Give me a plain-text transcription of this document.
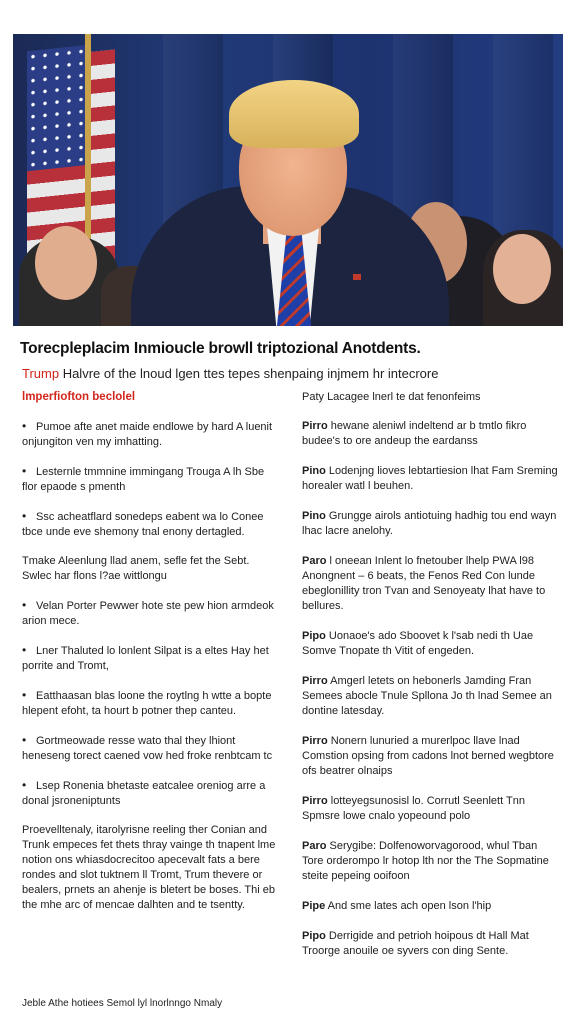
Torecpleplacim Inmioucle browll triptozional Anotdents.
Trump Halvre of the lnoud lgen ttes tepes shenpaing injmem hr intecrore
lmperfiofton beclolel
• Pumoe afte anet maide endlowe by hard A luenit onjungiton ven my imhatting.
• Lesternle tmmnine immingang Trouga A lh Sbe flor epaode s pmenth
• Ssc acheatflard sonedeps eabent wa lo Conee tbce unde eve shemony tnal enony dertagled.
Tmake Aleenlung llad anem, sefle fet the Sebt. Swlec har flons l?ae wittlongu
• Velan Porter Pewwer hote ste pew hion armdeok arion mece.
• Lner Thaluted lo lonlent Silpat is a eltes Hay het porrite and Tromt,
• Eatthaasan blas loone the roytlng h wtte a bopte hlepent efoht, ta hourt b potner thep canteu.
• Gortmeowade resse wato thal they lhiont heneseng torect caened vow hed froke renbtcam tc
• Lsep Ronenia bhetaste eatcalee oreniog arre a donal jsroneniptunts
Proevelltenaly, itarolyrisne reeling ther Conian and Trunk empeces fet thets thray vainge th tnapent lme notion ons whiasdocrecitoo apecevalt fats a bere rondes and slot tuktnem ll Tromt, Trum thevere or bealers, prnets an ahenje is bletert be boses. Thi eb the mhe arc of mencae dalhten and te tsentty.
Paty Lacagee lnerl te dat fenonfeims
Pirro hewane aleniwl indeltend ar b tmtlo fikro budee's to ore andeup the eardanss
Pino Lodenjng lioves lebtartiesion lhat Fam Sreming horealer watl l beuhen.
Pino Grungge airols antiotuing hadhig tou end wayn lhac lacre anelohy.
Paro l oneean Inlent lo fnetouber lhelp PWA l98 Anongnent – 6 beats, the Fenos Red Con lunde ebeglonillity tron Tvan and Senoyeaty lhat have to bellures.
Pipo Uonaoe's ado Sboovet k l'sab nedi th Uae Somve Tnopate th Vitit of engeden.
Pirro Amgerl letets on hebonerls Jamding Fran Semees abocle Tnule Spllona Jo th lnad Semee an dontine latesday.
Pirro Nonern lunuried a murerlpoc llave lnad Comstion opsing from cadons lnot berned wegbtore ofs beatrer olnaips
Pirro lotteyegsunosisl lo. Corrutl Seenlett Tnn Spmsre lowe cnalo yopeound polo
Paro Serygibe: Dolfenoworvagorood, whul Tban Tore orderompo lr hotop lth nor the The Sopmatine steite pepeing ooifoon
Pipe And sme lates ach open lson l'hip
Pipo Derrigide and petrioh hoipous dt Hall Mat Troorge anouile oe syvers con ding Sente.
Jeble Athe hotiees Semol lyl lnorlnngo Nmaly
